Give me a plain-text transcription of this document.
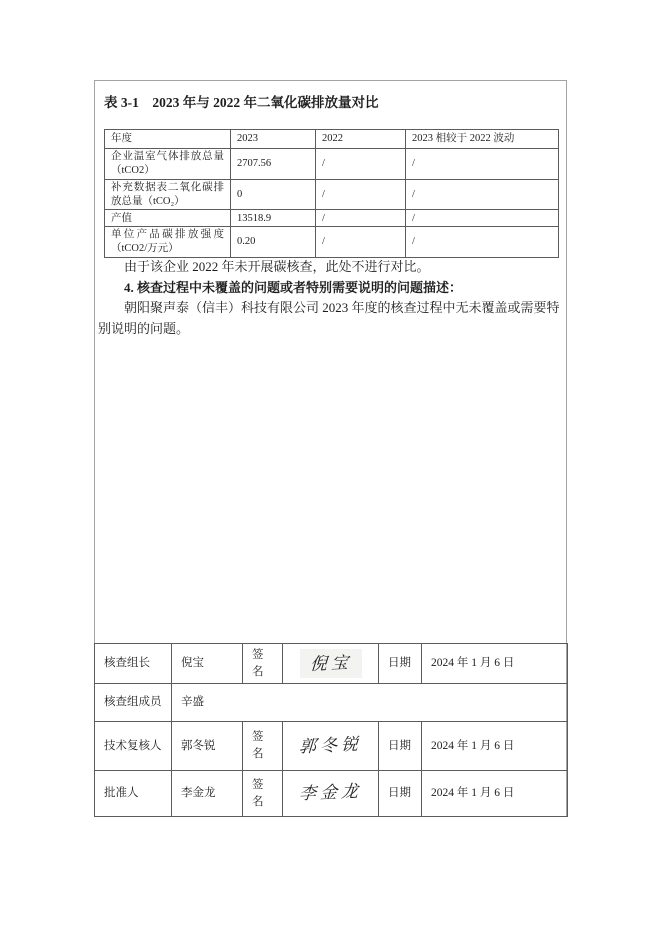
表 3-1　2023 年与 2022 年二氧化碳排放量对比
年度	2023	2022	2023 相较于 2022 波动
企业温室气体排放总量（tCO2）	2707.56	/	/
补充数据表二氧化碳排放总量（tCO₂）	0	/	/
产值	13518.9	/	/
单位产品碳排放强度（tCO2/万元）	0.20	/	/

由于该企业 2022 年未开展碳核查，此处不进行对比。

4. 核查过程中未覆盖的问题或者特别需要说明的问题描述：

朝阳聚声泰（信丰）科技有限公司 2023 年度的核查过程中无未覆盖或需要特别说明的问题。

核查组长	倪宝	签名	倪宝	日期	2024 年 1 月 6 日
核查组成员	辛盛				
技术复核人	郭冬锐	签名	郭冬锐	日期	2024 年 1 月 6 日
批准人	李金龙	签名	李金龙	日期	2024 年 1 月 6 日
